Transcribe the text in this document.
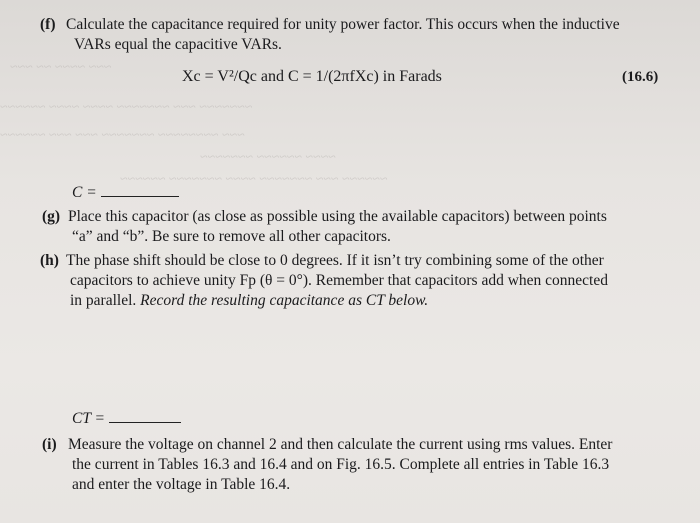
~~~ ~~~~ ~~ ~~~
~~~~~~~ ~~~ ~~~~~~~ ~~~~ ~~~~ ~~~~~~
~~~ ~~~~~~~~ ~~~~~~~ ~~~ ~~~ ~~~~~~
~~~~ ~~~~~~ ~~~~~~~
~~~~~~ ~~~ ~~~~~~~ ~~~~ ~~~~~~~ ~~~~~~
(f) Calculate the capacitance required for unity power factor. This occurs when the inductive
VARs equal the capacitive VARs.
Xc = V²/Qc and C = 1/(2πfXc) in Farads	(16.6)
C =
(g) Place this capacitor (as close as possible using the available capacitors) between points
“a” and “b”. Be sure to remove all other capacitors.
(h) The phase shift should be close to 0 degrees. If it isn’t try combining some of the other
capacitors to achieve unity Fp (θ = 0°). Remember that capacitors add when connected
in parallel. Record the resulting capacitance as CT below.
CT =
(i) Measure the voltage on channel 2 and then calculate the current using rms values. Enter
the current in Tables 16.3 and 16.4 and on Fig. 16.5. Complete all entries in Table 16.3
and enter the voltage in Table 16.4.
